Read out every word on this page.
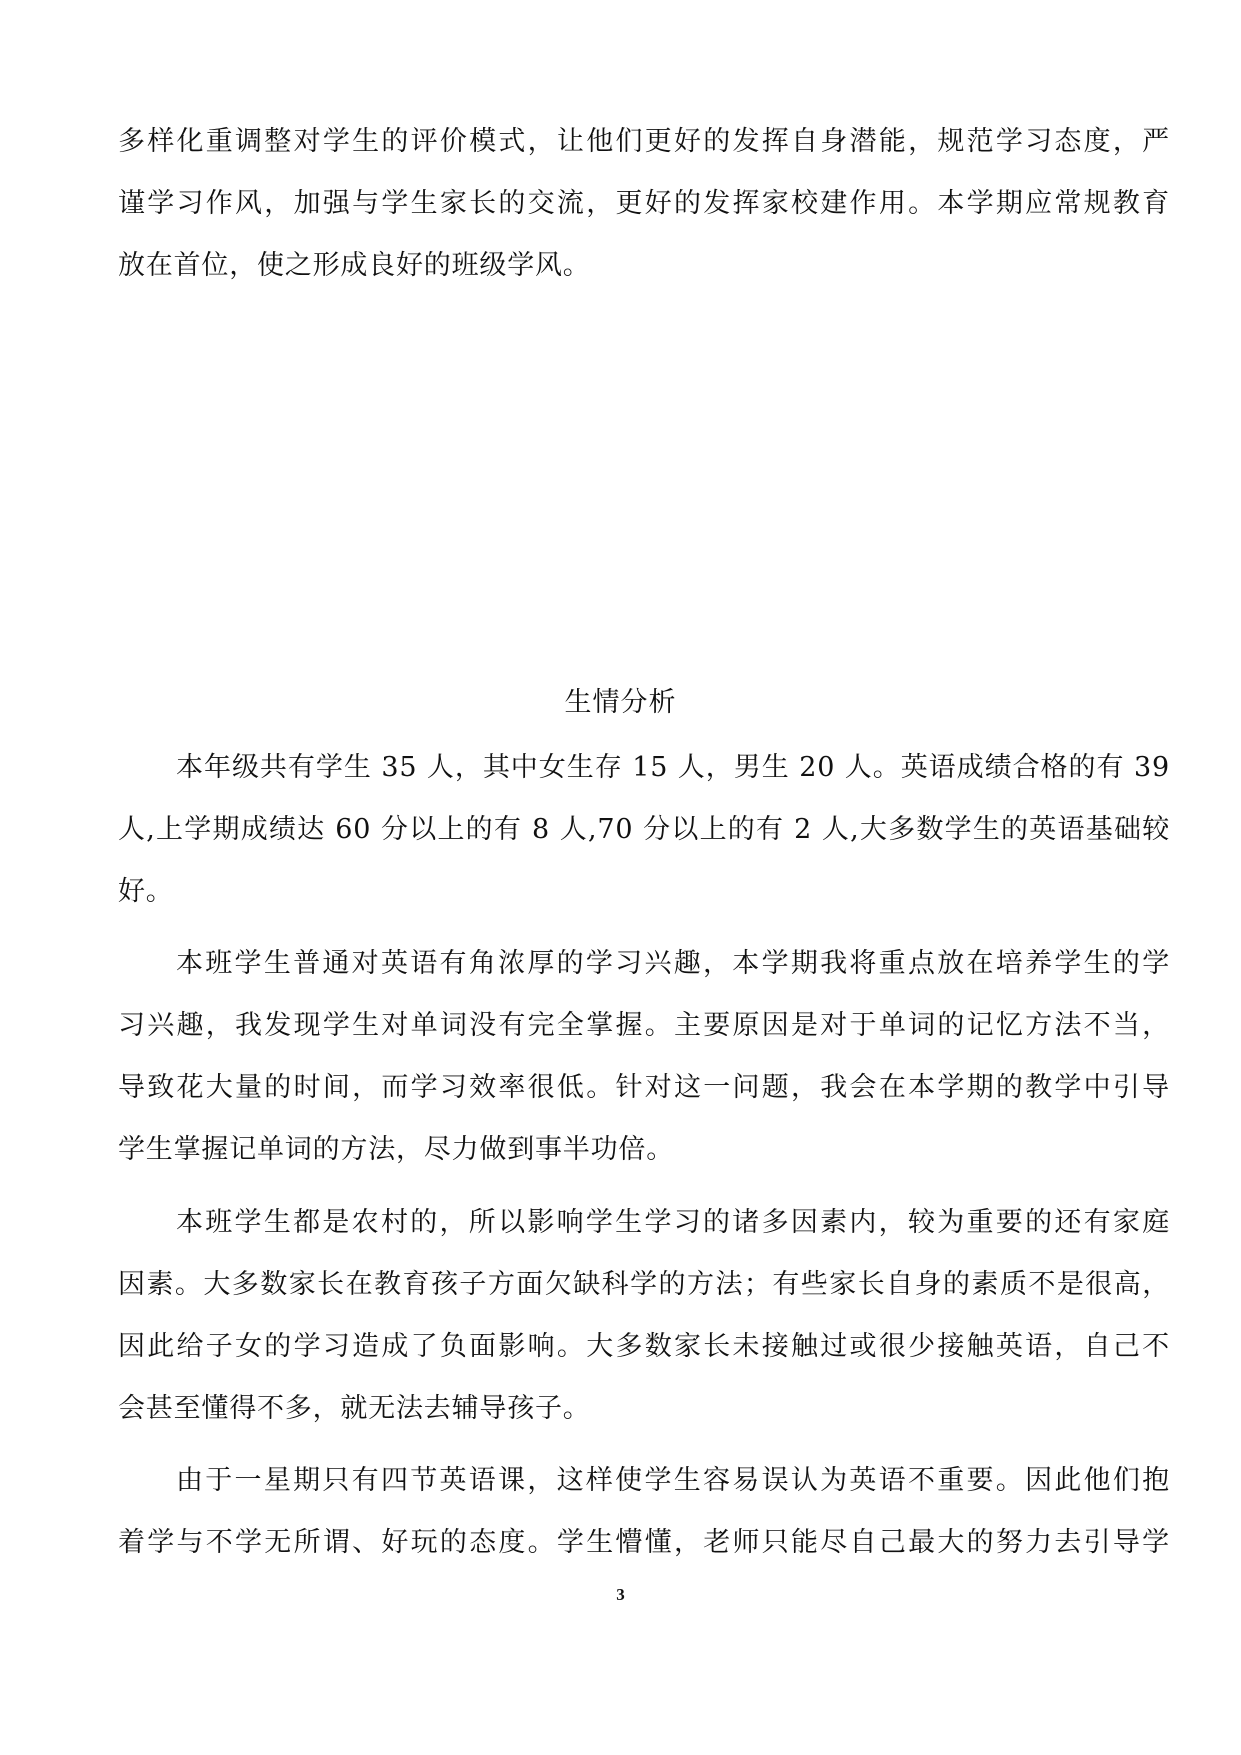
多样化重调整对学生的评价模式，让他们更好的发挥自身潜能，规范学习态度，严
谨学习作风，加强与学生家长的交流，更好的发挥家校建作用。本学期应常规教育
放在首位，使之形成良好的班级学风。
生情分析
本年级共有学生 35 人，其中女生存 15 人，男生 20 人。英语成绩合格的有 39
人,上学期成绩达 60 分以上的有 8 人,70 分以上的有 2 人,大多数学生的英语基础较
好。
本班学生普通对英语有角浓厚的学习兴趣，本学期我将重点放在培养学生的学
习兴趣，我发现学生对单词没有完全掌握。主要原因是对于单词的记忆方法不当，
导致花大量的时间，而学习效率很低。针对这一问题，我会在本学期的教学中引导
学生掌握记单词的方法，尽力做到事半功倍。
本班学生都是农村的，所以影响学生学习的诸多因素内，较为重要的还有家庭
因素。大多数家长在教育孩子方面欠缺科学的方法；有些家长自身的素质不是很高，
因此给子女的学习造成了负面影响。大多数家长未接触过或很少接触英语，自己不
会甚至懂得不多，就无法去辅导孩子。
由于一星期只有四节英语课，这样使学生容易误认为英语不重要。因此他们抱
着学与不学无所谓、好玩的态度。学生懵懂，老师只能尽自己最大的努力去引导学
3
